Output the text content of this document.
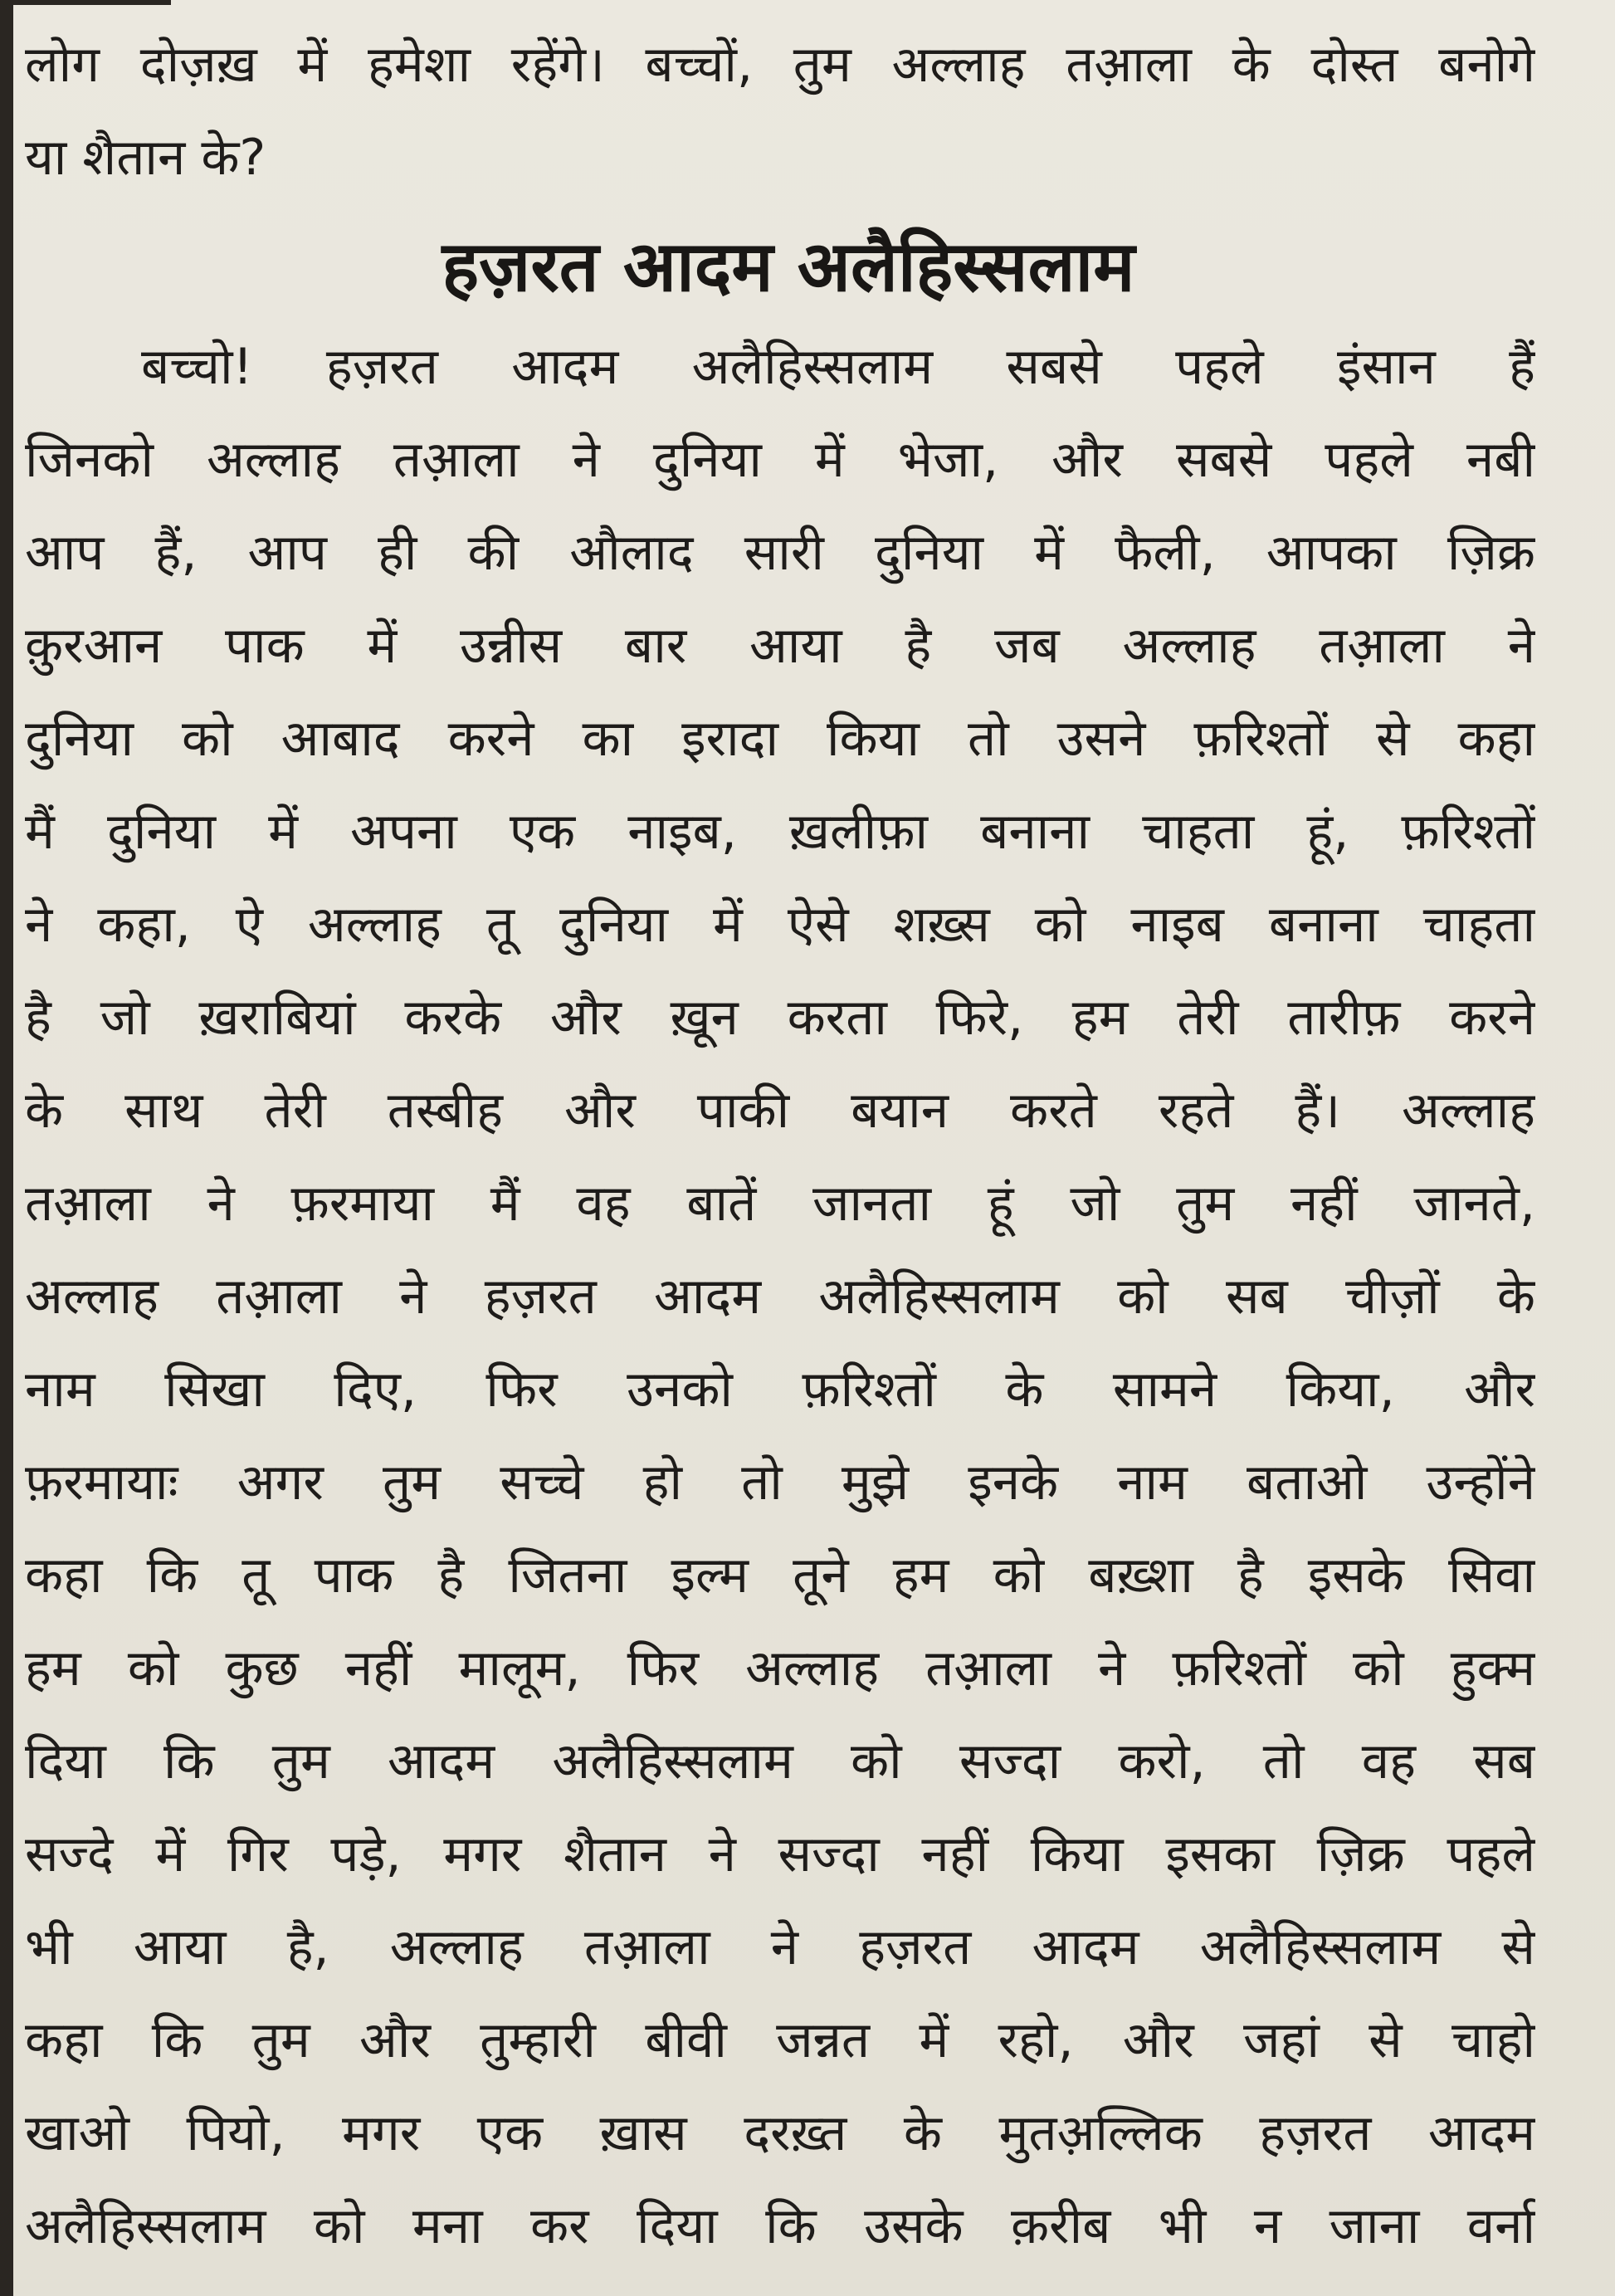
लोग दोज़ख़ में हमेशा रहेंगे। बच्चों, तुम अल्लाह तआ़ला के दोस्त बनोगे
या शैतान के?
हज़रत आदम अलैहिस्सलाम
बच्चो! हज़रत आदम अलैहिस्सलाम सबसे पहले इंसान हैं
जिनको अल्लाह तआ़ला ने दुनिया में भेजा, और सबसे पहले नबी
आप हैं, आप ही की औलाद सारी दुनिया में फैली, आपका ज़िक्र
क़ुरआन पाक में उन्नीस बार आया है जब अल्लाह तआ़ला ने
दुनिया को आबाद करने का इरादा किया तो उसने फ़रिश्तों से कहा
मैं दुनिया में अपना एक नाइब, ख़लीफ़ा बनाना चाहता हूं, फ़रिश्तों
ने कहा, ऐ अल्लाह तू दुनिया में ऐसे शख़्स को नाइब बनाना चाहता
है जो ख़राबियां करके और ख़ून करता फिरे, हम तेरी तारीफ़ करने
के साथ तेरी तस्बीह और पाकी बयान करते रहते हैं। अल्लाह
तआ़ला ने फ़रमाया मैं वह बातें जानता हूं जो तुम नहीं जानते,
अल्लाह तआ़ला ने हज़रत आदम अलैहिस्सलाम को सब चीज़ों के
नाम सिखा दिए, फिर उनको फ़रिश्तों के सामने किया, और
फ़रमायाः अगर तुम सच्चे हो तो मुझे इनके नाम बताओ उन्होंने
कहा कि तू पाक है जितना इल्म तूने हम को बख़्शा है इसके सिवा
हम को कुछ नहीं मालूम, फिर अल्लाह तआ़ला ने फ़रिश्तों को हुक्म
दिया कि तुम आदम अलैहिस्सलाम को सज्दा करो, तो वह सब
सज्दे में गिर पड़े, मगर शैतान ने सज्दा नहीं किया इसका ज़िक्र पहले
भी आया है, अल्लाह तआ़ला ने हज़रत आदम अलैहिस्सलाम से
कहा कि तुम और तुम्हारी बीवी जन्नत में रहो, और जहां से चाहो
खाओ पियो, मगर एक ख़ास दरख़्त के मुतअ़ल्लिक हज़रत आदम
अलैहिस्सलाम को मना कर दिया कि उसके क़रीब भी न जाना वर्ना
